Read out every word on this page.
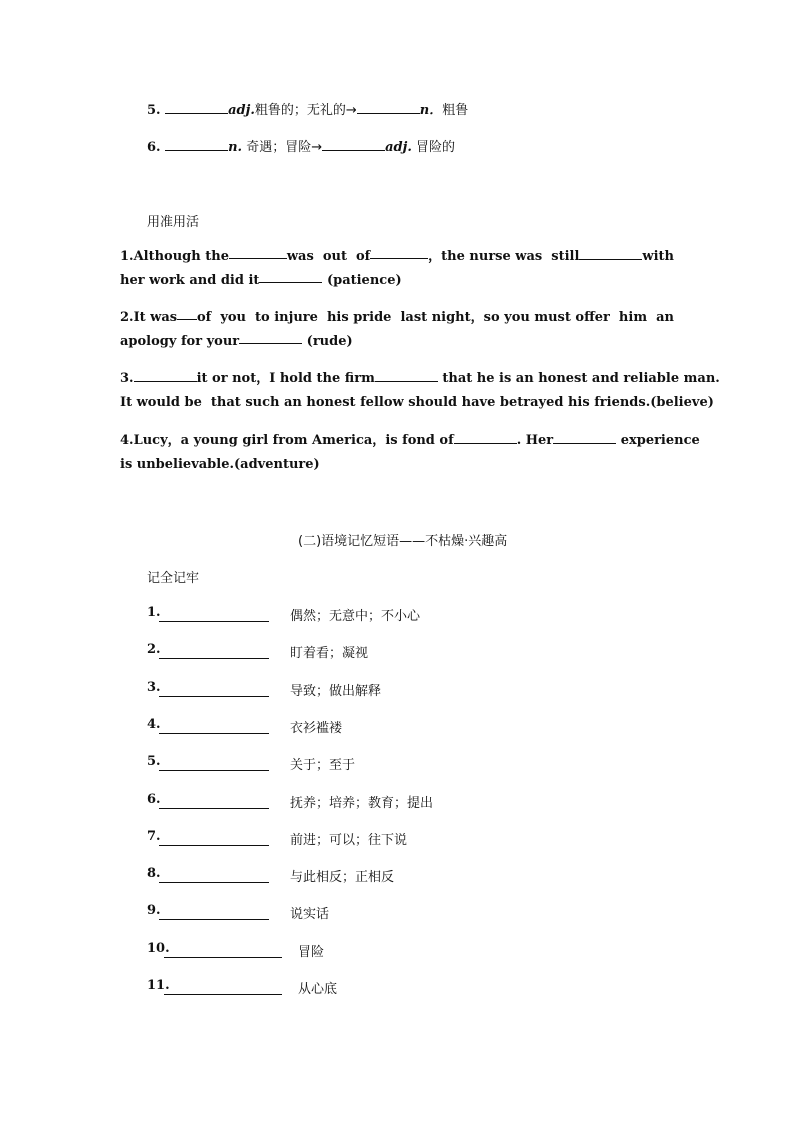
5.	adj.粗鲁的；无礼的→	n．粗鲁
6.	n. 奇遇；冒险→	adj. 冒险的
用准用活
1.Although the	was  out  of	， the nurse was  still	with
her work and did it
	(patience)
2.It was of  you  to injure  his pride  last night，so you must offer  him  an
apology for your
	(rude)
3.	it or not， I hold the firm	that he is an honest and reliable man.
It would be

that such an honest fellow should have betrayed his friends.(believe)
4.Lucy，a young girl from America， is fond of	. Her	experience
is unbelievable.(adventure)
(二)语境记忆短语——不枯燥·兴趣高
记全记牢
1.	偶然；无意中；不小心
2.	盯着看；凝视
3.	导致；做出解释
4.	衣衫褴褛
5.	关于；至于
6.	抚养；培养；教育；提出
7.	前进；可以；往下说
8.	与此相反；正相反
9.	说实话
10.	冒险
11.	从心底
